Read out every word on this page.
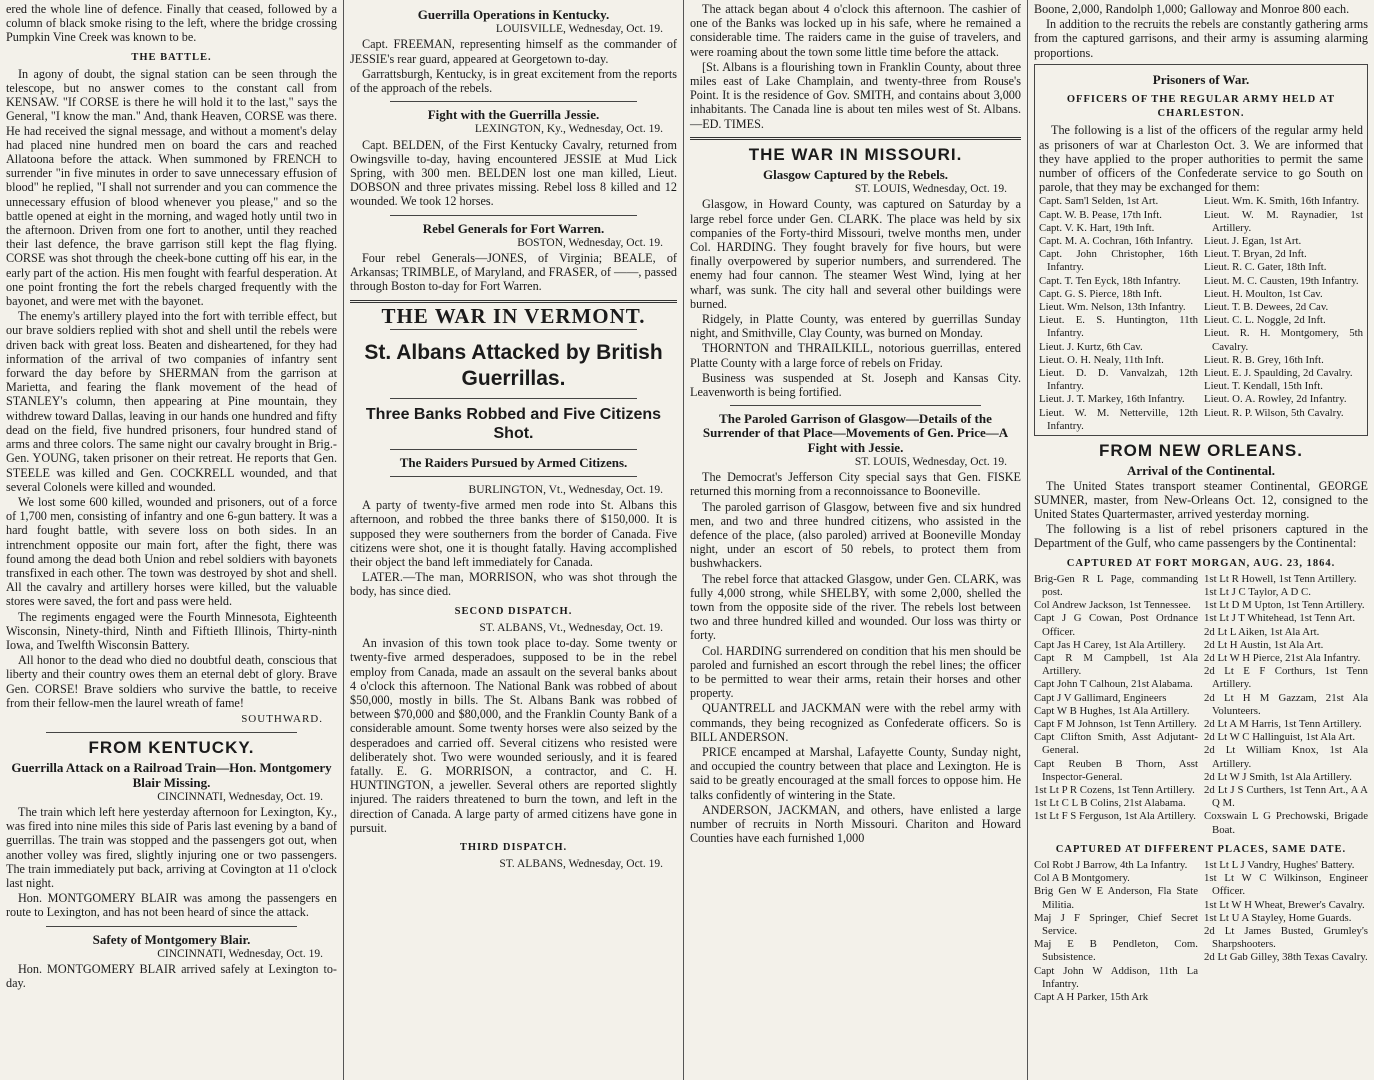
ered the whole line of defence. Finally that ceased, followed by a column of black smoke rising to the left, where the bridge crossing Pumpkin Vine Creek was known to be.

THE BATTLE.

In agony of doubt, the signal station can be seen through the telescope, but no answer comes to the constant call from KENSAW. "If CORSE is there he will hold it to the last," says the General, "I know the man." And, thank Heaven, CORSE was there. He had received the signal message, and without a moment's delay had placed nine hundred men on board the cars and reached Allatoona before the attack. When summoned by FRENCH to surrender "in five minutes in order to save unnecessary effusion of blood" he replied, "I shall not surrender and you can commence the unnecessary effusion of blood whenever you please," and so the battle opened at eight in the morning, and waged hotly until two in the afternoon. Driven from one fort to another, until they reached their last defence, the brave garrison still kept the flag flying. CORSE was shot through the cheek-bone cutting off his ear, in the early part of the action. His men fought with fearful desperation. At one point fronting the fort the rebels charged frequently with the bayonet, and were met with the bayonet.

The enemy's artillery played into the fort with terrible effect, but our brave soldiers replied with shot and shell until the rebels were driven back with great loss. Beaten and disheartened, for they had information of the arrival of two companies of infantry sent forward the day before by SHERMAN from the garrison at Marietta, and fearing the flank movement of the head of STANLEY's column, then appearing at Pine mountain, they withdrew toward Dallas, leaving in our hands one hundred and fifty dead on the field, five hundred prisoners, four hundred stand of arms and three colors. The same night our cavalry brought in Brig.-Gen. YOUNG, taken prisoner on their retreat. He reports that Gen. STEELE was killed and Gen. COCKRELL wounded, and that several Colonels were killed and wounded.

We lost some 600 killed, wounded and prisoners, out of a force of 1,700 men, consisting of infantry and one 6-gun battery. It was a hard fought battle, with severe loss on both sides. In an intrenchment opposite our main fort, after the fight, there was found among the dead both Union and rebel soldiers with bayonets transfixed in each other. The town was destroyed by shot and shell. All the cavalry and artillery horses were killed, but the valuable stores were saved, the fort and pass were held.

The regiments engaged were the Fourth Minnesota, Eighteenth Wisconsin, Ninety-third, Ninth and Fiftieth Illinois, Thirty-ninth Iowa, and Twelfth Wisconsin Battery.

All honor to the dead who died no doubtful death, conscious that liberty and their country owes them an eternal debt of glory. Brave Gen. CORSE! Brave soldiers who survive the battle, to receive from their fellow-men the laurel wreath of fame!

SOUTHWARD.
FROM KENTUCKY.
Guerrilla Attack on a Railroad Train—Hon. Montgomery Blair Missing.
CINCINNATI, Wednesday, Oct. 19.

The train which left here yesterday afternoon for Lexington, Ky., was fired into nine miles this side of Paris last evening by a band of guerrillas. The train was stopped and the passengers got out, when another volley was fired, slightly injuring one or two passengers. The train immediately put back, arriving at Covington at 11 o'clock last night.

Hon. MONTGOMERY BLAIR was among the passengers en route to Lexington, and has not been heard of since the attack.

Safety of Montgomery Blair.
CINCINNATI, Wednesday, Oct. 19.

Hon. MONTGOMERY BLAIR arrived safely at Lexington to-day.

Guerrilla Operations in Kentucky.
LOUISVILLE, Wednesday, Oct. 19.

Capt. FREEMAN, representing himself as the commander of JESSIE's rear guard, appeared at Georgetown to-day.

Garrattsburgh, Kentucky, is in great excitement from the reports of the approach of the rebels.

Fight with the Guerrilla Jessie.
LEXINGTON, Ky., Wednesday, Oct. 19.

Capt. BELDEN, of the First Kentucky Cavalry, returned from Owingsville to-day, having encountered JESSIE at Mud Lick Spring, with 300 men. BELDEN lost one man killed, Lieut. DOBSON and three privates missing. Rebel loss 8 killed and 12 wounded. We took 12 horses.

Rebel Generals for Fort Warren.
BOSTON, Wednesday, Oct. 19.

Four rebel Generals—JONES, of Virginia; BEALE, of Arkansas; TRIMBLE, of Maryland, and FRASER, of ——, passed through Boston to-day for Fort Warren.

THE WAR IN VERMONT.
St. Albans Attacked by British Guerrillas.
Three Banks Robbed and Five Citizens Shot.
The Raiders Pursued by Armed Citizens.
BURLINGTON, Vt., Wednesday, Oct. 19.

A party of twenty-five armed men rode into St. Albans this afternoon, and robbed the three banks there of $150,000. It is supposed they were southerners from the border of Canada. Five citizens were shot, one it is thought fatally. Having accomplished their object the band left immediately for Canada.

LATER.—The man, MORRISON, who was shot through the body, has since died.

SECOND DISPATCH.
ST. ALBANS, Vt., Wednesday, Oct. 19.

An invasion of this town took place to-day. Some twenty or twenty-five armed desperadoes, supposed to be in the rebel employ from Canada, made an assault on the several banks about 4 o'clock this afternoon. The National Bank was robbed of about $50,000, mostly in bills. The St. Albans Bank was robbed of between $70,000 and $80,000, and the Franklin County Bank of a considerable amount. Some twenty horses were also seized by the desperadoes and carried off. Several citizens who resisted were deliberately shot. Two were wounded seriously, and it is feared fatally. E. G. MORRISON, a contractor, and C. H. HUNTINGTON, a jeweller. Several others are reported slightly injured. The raiders threatened to burn the town, and left in the direction of Canada. A large party of armed citizens have gone in pursuit.

THIRD DISPATCH.
ST. ALBANS, Wednesday, Oct. 19.

The attack began about 4 o'clock this afternoon. The cashier of one of the Banks was locked up in his safe, where he remained a considerable time. The raiders came in the guise of travelers, and were roaming about the town some little time before the attack.

[St. Albans is a flourishing town in Franklin County, about three miles east of Lake Champlain, and twenty-three from Rouse's Point. It is the residence of Gov. SMITH, and contains about 3,000 inhabitants. The Canada line is about ten miles west of St. Albans.—ED. TIMES.

THE WAR IN MISSOURI.
Glasgow Captured by the Rebels.
ST. LOUIS, Wednesday, Oct. 19.

Glasgow, in Howard County, was captured on Saturday by a large rebel force under Gen. CLARK. The place was held by six companies of the Forty-third Missouri, twelve months men, under Col. HARDING. They fought bravely for five hours, but were finally overpowered by superior numbers, and surrendered. The enemy had four cannon. The steamer West Wind, lying at her wharf, was sunk. The city hall and several other buildings were burned.

Ridgely, in Platte County, was entered by guerrillas Sunday night, and Smithville, Clay County, was burned on Monday.

THORNTON and THRAILKILL, notorious guerrillas, entered Platte County with a large force of rebels on Friday.

Business was suspended at St. Joseph and Kansas City. Leavenworth is being fortified.

The Paroled Garrison of Glasgow—Details of the Surrender of that Place—Movements of Gen. Price—A Fight with Jessie.
ST. LOUIS, Wednesday, Oct. 19.

The Democrat's Jefferson City special says that Gen. FISKE returned this morning from a reconnoissance to Booneville.

The paroled garrison of Glasgow, between five and six hundred men, and two and three hundred citizens, who assisted in the defence of the place, (also paroled) arrived at Booneville Monday night, under an escort of 50 rebels, to protect them from bushwhackers.

The rebel force that attacked Glasgow, under Gen. CLARK, was fully 4,000 strong, while SHELBY, with some 2,000, shelled the town from the opposite side of the river. The rebels lost between two and three hundred killed and wounded. Our loss was thirty or forty.

Col. HARDING surrendered on condition that his men should be paroled and furnished an escort through the rebel lines; the officer to be permitted to wear their arms, retain their horses and other property.

QUANTRELL and JACKMAN were with the rebel army with commands, they being recognized as Confederate officers. So is BILL ANDERSON.

PRICE encamped at Marshal, Lafayette County, Sunday night, and occupied the country between that place and Lexington. He is said to be greatly encouraged at the small forces to oppose him. He talks confidently of wintering in the State.

ANDERSON, JACKMAN, and others, have enlisted a large number of recruits in North Missouri. Chariton and Howard Counties have each furnished 1,000

Boone, 2,000, Randolph 1,000; Galloway and Monroe 800 each.

In addition to the recruits the rebels are constantly gathering arms from the captured garrisons, and their army is assuming alarming proportions.

Prisoners of War.
OFFICERS OF THE REGULAR ARMY HELD AT CHARLESTON.

The following is a list of the officers of the regular army held as prisoners of war at Charleston Oct. 3. We are informed that they have applied to the proper authorities to permit the same number of officers of the Confederate service to go South on parole, that they may be exchanged for them:

Capt. Sam'l Selden, 1st Art.
Capt. W. B. Pease, 17th Inft.
Capt. V. K. Hart, 19th Inft.
Capt. M. A. Cochran, 16th Infantry.
Capt. John Christopher, 16th Infantry.
Capt. T. Ten Eyck, 18th Infantry.
Capt. G. S. Pierce, 18th Inft.
Lieut. Wm. Nelson, 13th Infantry.
Lieut. E. S. Huntington, 11th Infantry.
Lieut. J. Kurtz, 6th Cav.
Lieut. O. H. Nealy, 11th Inft.
Lieut. D. D. Vanvalzah, 12th Infantry.
Lieut. J. T. Markey, 16th Infantry.
Lieut. W. M. Netterville, 12th Infantry.
Lieut. Wm. K. Smith, 16th Infantry.
Lieut. W. M. Raynadier, 1st Artillery.
Lieut. J. Egan, 1st Art.
Lieut. T. Bryan, 2d Inft.
Lieut. R. C. Gater, 18th Inft.
Lieut. M. C. Causten, 19th Infantry.
Lieut. H. Moulton, 1st Cav.
Lieut. T. B. Dewees, 2d Cav.
Lieut. C. L. Noggle, 2d Inft.
Lieut. R. H. Montgomery, 5th Cavalry.
Lieut. R. B. Grey, 16th Inft.
Lieut. E. J. Spaulding, 2d Cavalry.
Lieut. T. Kendall, 15th Inft.
Lieut. O. A. Rowley, 2d Infantry.
Lieut. R. P. Wilson, 5th Cavalry.
FROM NEW ORLEANS.
Arrival of the Continental.

The United States transport steamer Continental, GEORGE SUMNER, master, from New-Orleans Oct. 12, consigned to the United States Quartermaster, arrived yesterday morning.

The following is a list of rebel prisoners captured in the Department of the Gulf, who came passengers by the Continental:

CAPTURED AT FORT MORGAN, AUG. 23, 1864.
Brig-Gen R L Page, commanding post.
Col Andrew Jackson, 1st Tennessee.
Capt J G Cowan, Post Ordnance Officer.
Capt Jas H Carey, 1st Ala Artillery.
Capt R M Campbell, 1st Ala Artillery.
Capt John T Calhoun, 21st Alabama.
Capt J V Gallimard, Engineers
Capt W B Hughes, 1st Ala Artillery.
Capt F M Johnson, 1st Tenn Artillery.
Capt Clifton Smith, Asst Adjutant-General.
Capt Reuben B Thorn, Asst Inspector-General.
1st Lt P R Cozens, 1st Tenn Artillery.
1st Lt C L B Colins, 21st Alabama.
1st Lt F S Ferguson, 1st Ala Artillery.
1st Lt R Howell, 1st Tenn Artillery.
1st Lt J C Taylor, A D C.
1st Lt D M Upton, 1st Tenn Artillery.
1st Lt J T Whitehead, 1st Tenn Art.
2d Lt L Aiken, 1st Ala Art.
2d Lt H Austin, 1st Ala Art.
2d Lt W H Pierce, 21st Ala Infantry.
2d Lt E F Corthurs, 1st Tenn Artillery.
2d Lt H M Gazzam, 21st Ala Volunteers.
2d Lt A M Harris, 1st Tenn Artillery.
2d Lt W C Hallinguist, 1st Ala Art.
2d Lt William Knox, 1st Ala Artillery.
2d Lt W J Smith, 1st Ala Artillery.
2d Lt J S Curthers, 1st Tenn Art., A A Q M.
Coxswain L G Prechowski, Brigade Boat.
CAPTURED AT DIFFERENT PLACES, SAME DATE.
Col Robt J Barrow, 4th La Infantry.
Col A B Montgomery.
Brig Gen W E Anderson, Fla State Militia.
Maj J F Springer, Chief Secret Service.
Maj E B Pendleton, Com. Subsistence.
Capt John W Addison, 11th La Infantry.
Capt A H Parker, 15th Ark
1st Lt L J Vandry, Hughes' Battery.
1st Lt W C Wilkinson, Engineer Officer.
1st Lt W H Wheat, Brewer's Cavalry.
1st Lt U A Stayley, Home Guards.
2d Lt James Busted, Grumley's Sharpshooters.
2d Lt Gab Gilley, 38th Texas Cavalry.
